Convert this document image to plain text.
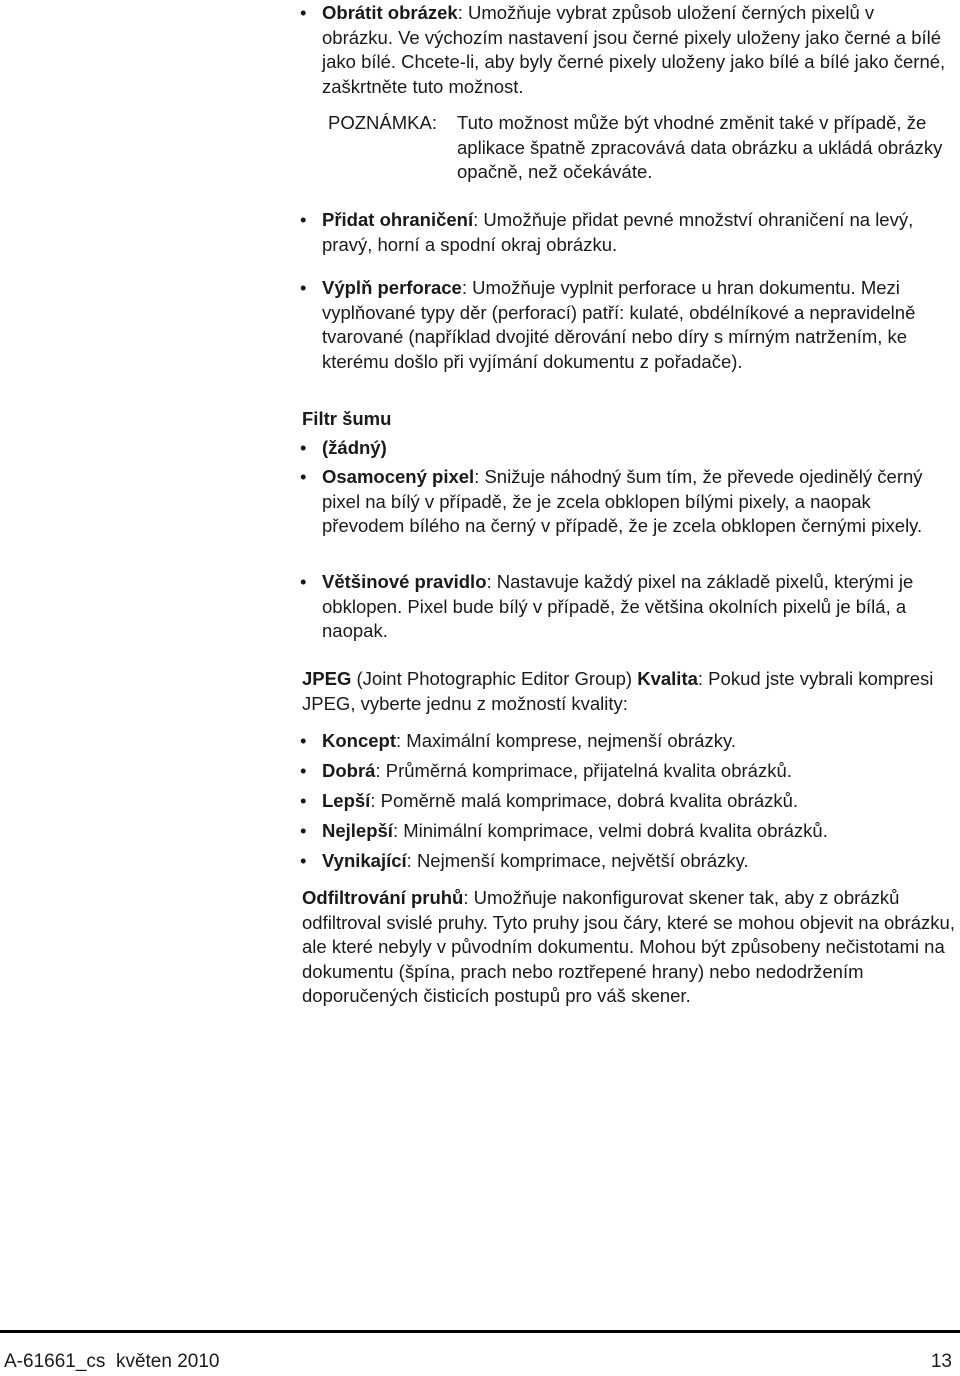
• Obrátit obrázek: Umožňuje vybrat způsob uložení černých pixelů v obrázku. Ve výchozím nastavení jsou černé pixely uloženy jako černé a bílé jako bílé. Chcete-li, aby byly černé pixely uloženy jako bílé a bílé jako černé, zaškrtněte tuto možnost.
POZNÁMKA: Tuto možnost může být vhodné změnit také v případě, že aplikace špatně zpracovává data obrázku a ukládá obrázky opačně, než očekáváte.
• Přidat ohraničení: Umožňuje přidat pevné množství ohraničení na levý, pravý, horní a spodní okraj obrázku.
• Výplň perforace: Umožňuje vyplnit perforace u hran dokumentu. Mezi vyplňované typy děr (perforací) patří: kulaté, obdélníkové a nepravidelně tvarované (například dvojité děrování nebo díry s mírným natržením, ke kterému došlo při vyjímání dokumentu z pořadače).
Filtr šumu
• (žádný)
• Osamocený pixel: Snižuje náhodný šum tím, že převede ojedinělý černý pixel na bílý v případě, že je zcela obklopen bílými pixely, a naopak převodem bílého na černý v případě, že je zcela obklopen černými pixely.
• Většinové pravidlo: Nastavuje každý pixel na základě pixelů, kterými je obklopen. Pixel bude bílý v případě, že většina okolních pixelů je bílá, a naopak.

JPEG (Joint Photographic Editor Group) Kvalita: Pokud jste vybrali kompresi JPEG, vyberte jednu z možností kvality:

• Koncept: Maximální komprese, nejmenší obrázky.
• Dobrá: Průměrná komprimace, přijatelná kvalita obrázků.
• Lepší: Poměrně malá komprimace, dobrá kvalita obrázků.
• Nejlepší: Minimální komprimace, velmi dobrá kvalita obrázků.
• Vynikající: Nejmenší komprimace, největší obrázky.

Odfiltrování pruhů: Umožňuje nakonfigurovat skener tak, aby z obrázků odfiltroval svislé pruhy. Tyto pruhy jsou čáry, které se mohou objevit na obrázku, ale které nebyly v původním dokumentu. Mohou být způsobeny nečistotami na dokumentu (špína, prach nebo roztřepené hrany) nebo nedodržením doporučených čisticích postupů pro váš skener.

A-61661_cs  květen 2010	13
